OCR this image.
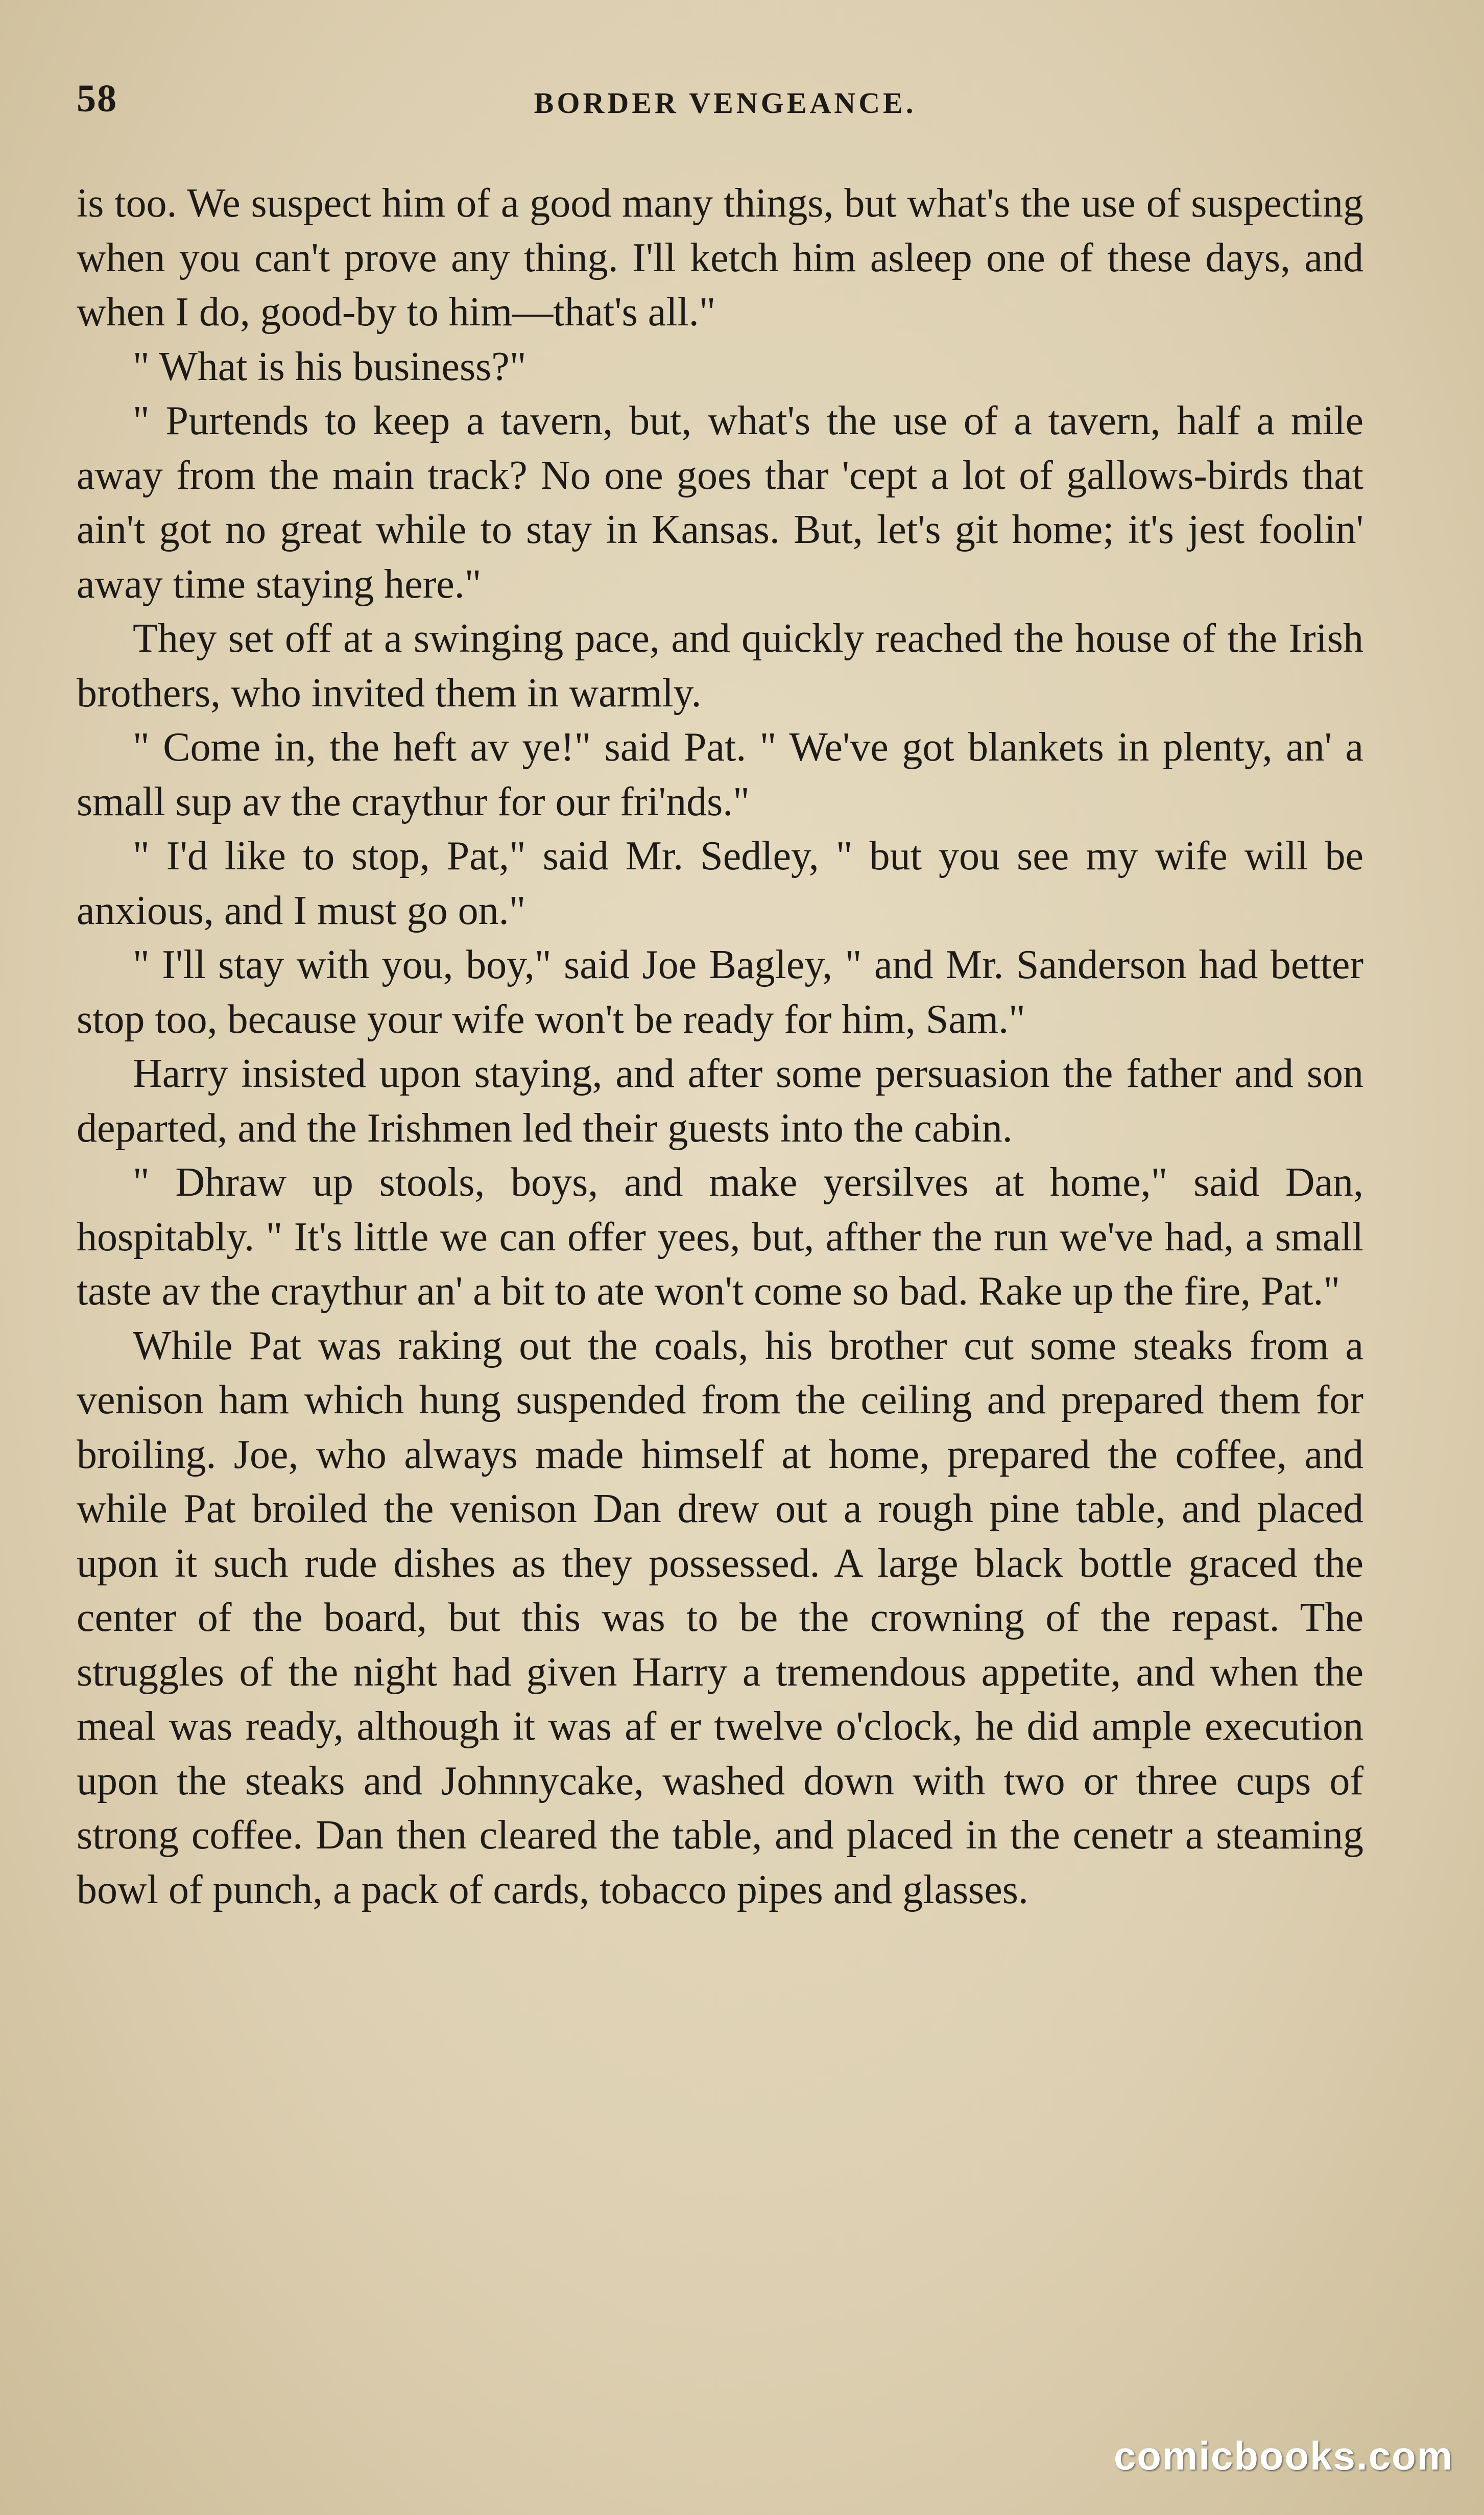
58	BORDER VENGEANCE.

is too. We suspect him of a good many things, but what's the use of suspecting when you can't prove any thing. I'll ketch him asleep one of these days, and when I do, good-by to him—that's all."

" What is his business?"

" Purtends to keep a tavern, but, what's the use of a tavern, half a mile away from the main track? No one goes thar 'cept a lot of gallows-birds that ain't got no great while to stay in Kansas. But, let's git home; it's jest foolin' away time staying here."

They set off at a swinging pace, and quickly reached the house of the Irish brothers, who invited them in warmly.

" Come in, the heft av ye!" said Pat. " We've got blankets in plenty, an' a small sup av the craythur for our fri'nds."

" I'd like to stop, Pat," said Mr. Sedley, " but you see my wife will be anxious, and I must go on."

" I'll stay with you, boy," said Joe Bagley, " and Mr. Sanderson had better stop too, because your wife won't be ready for him, Sam."

Harry insisted upon staying, and after some persuasion the father and son departed, and the Irishmen led their guests into the cabin.

" Dhraw up stools, boys, and make yersilves at home," said Dan, hospitably. " It's little we can offer yees, but, afther the run we've had, a small taste av the craythur an' a bit to ate won't come so bad. Rake up the fire, Pat."

While Pat was raking out the coals, his brother cut some steaks from a venison ham which hung suspended from the ceiling and prepared them for broiling. Joe, who always made himself at home, prepared the coffee, and while Pat broiled the venison Dan drew out a rough pine table, and placed upon it such rude dishes as they possessed. A large black bottle graced the center of the board, but this was to be the crowning of the repast. The struggles of the night had given Harry a tremendous appetite, and when the meal was ready, although it was af er twelve o'clock, he did ample execution upon the steaks and Johnnycake, washed down with two or three cups of strong coffee. Dan then cleared the table, and placed in the cenetr a steaming bowl of punch, a pack of cards, tobacco pipes and glasses.

comicbooks.com
